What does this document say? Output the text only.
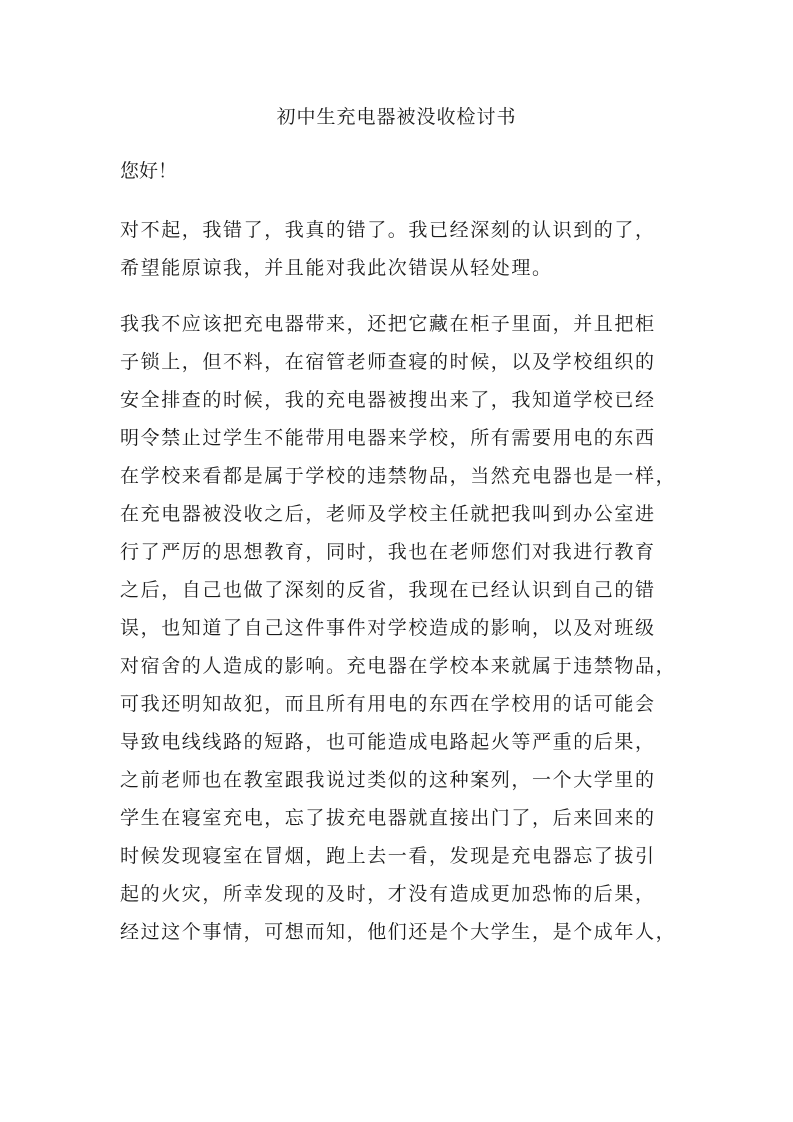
初中生充电器被没收检讨书
您好！
对不起，我错了，我真的错了。我已经深刻的认识到的了，
希望能原谅我，并且能对我此次错误从轻处理。
我我不应该把充电器带来，还把它藏在柜子里面，并且把柜
子锁上，但不料，在宿管老师查寝的时候，以及学校组织的
安全排查的时候，我的充电器被搜出来了，我知道学校已经
明令禁止过学生不能带用电器来学校，所有需要用电的东西
在学校来看都是属于学校的违禁物品，当然充电器也是一样，
在充电器被没收之后，老师及学校主任就把我叫到办公室进
行了严厉的思想教育，同时，我也在老师您们对我进行教育
之后，自己也做了深刻的反省，我现在已经认识到自己的错
误，也知道了自己这件事件对学校造成的影响，以及对班级
对宿舍的人造成的影响。充电器在学校本来就属于违禁物品，
可我还明知故犯，而且所有用电的东西在学校用的话可能会
导致电线线路的短路，也可能造成电路起火等严重的后果，
之前老师也在教室跟我说过类似的这种案列，一个大学里的
学生在寝室充电，忘了拔充电器就直接出门了，后来回来的
时候发现寝室在冒烟，跑上去一看，发现是充电器忘了拔引
起的火灾，所幸发现的及时，才没有造成更加恐怖的后果，
经过这个事情，可想而知，他们还是个大学生，是个成年人，
